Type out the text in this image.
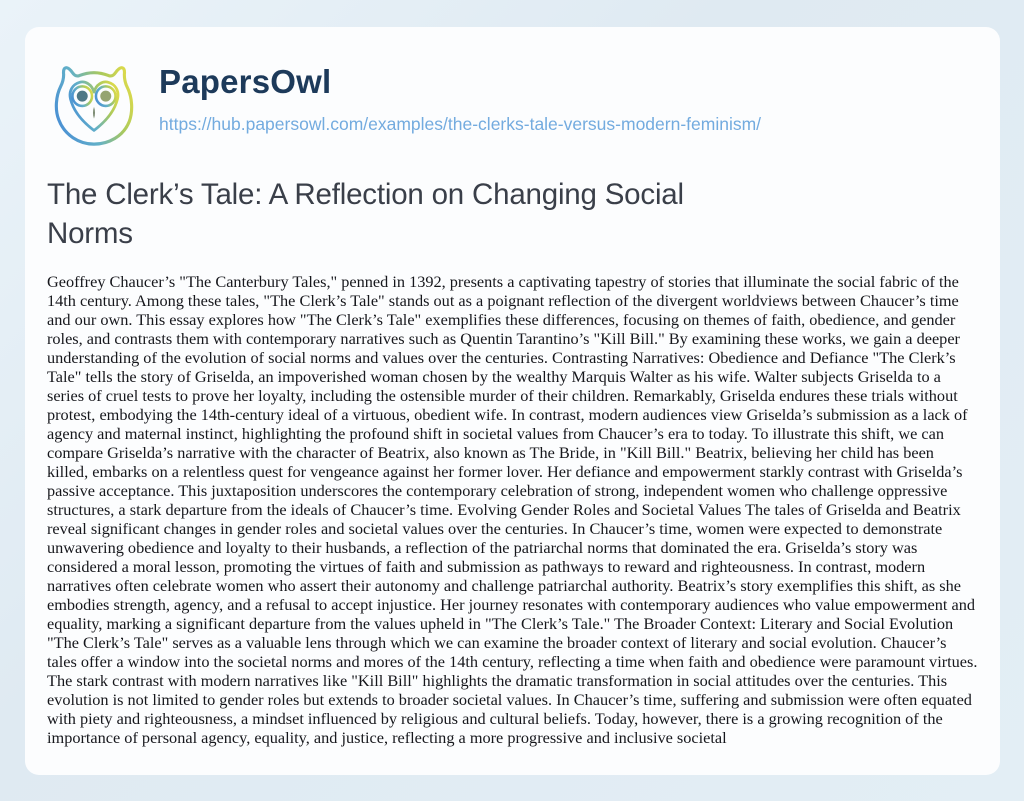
PapersOwl
https://hub.papersowl.com/examples/the-clerks-tale-versus-modern-feminism/
The Clerk’s Tale: A Reflection on Changing Social Norms

Geoffrey Chaucer’s "The Canterbury Tales," penned in 1392, presents a captivating tapestry of stories that illuminate the social fabric of the 14th century. Among these tales, "The Clerk’s Tale" stands out as a poignant reflection of the divergent worldviews between Chaucer’s time and our own. This essay explores how "The Clerk’s Tale" exemplifies these differences, focusing on themes of faith, obedience, and gender roles, and contrasts them with contemporary narratives such as Quentin Tarantino’s "Kill Bill." By examining these works, we gain a deeper understanding of the evolution of social norms and values over the centuries. Contrasting Narratives: Obedience and Defiance "The Clerk’s Tale" tells the story of Griselda, an impoverished woman chosen by the wealthy Marquis Walter as his wife. Walter subjects Griselda to a series of cruel tests to prove her loyalty, including the ostensible murder of their children. Remarkably, Griselda endures these trials without protest, embodying the 14th-century ideal of a virtuous, obedient wife. In contrast, modern audiences view Griselda’s submission as a lack of agency and maternal instinct, highlighting the profound shift in societal values from Chaucer’s era to today. To illustrate this shift, we can compare Griselda’s narrative with the character of Beatrix, also known as The Bride, in "Kill Bill." Beatrix, believing her child has been killed, embarks on a relentless quest for vengeance against her former lover. Her defiance and empowerment starkly contrast with Griselda’s passive acceptance. This juxtaposition underscores the contemporary celebration of strong, independent women who challenge oppressive structures, a stark departure from the ideals of Chaucer’s time. Evolving Gender Roles and Societal Values The tales of Griselda and Beatrix reveal significant changes in gender roles and societal values over the centuries. In Chaucer’s time, women were expected to demonstrate unwavering obedience and loyalty to their husbands, a reflection of the patriarchal norms that dominated the era. Griselda’s story was considered a moral lesson, promoting the virtues of faith and submission as pathways to reward and righteousness. In contrast, modern narratives often celebrate women who assert their autonomy and challenge patriarchal authority. Beatrix’s story exemplifies this shift, as she embodies strength, agency, and a refusal to accept injustice. Her journey resonates with contemporary audiences who value empowerment and equality, marking a significant departure from the values upheld in "The Clerk’s Tale." The Broader Context: Literary and Social Evolution "The Clerk’s Tale" serves as a valuable lens through which we can examine the broader context of literary and social evolution. Chaucer’s tales offer a window into the societal norms and mores of the 14th century, reflecting a time when faith and obedience were paramount virtues. The stark contrast with modern narratives like "Kill Bill" highlights the dramatic transformation in social attitudes over the centuries. This evolution is not limited to gender roles but extends to broader societal values. In Chaucer’s time, suffering and submission were often equated with piety and righteousness, a mindset influenced by religious and cultural beliefs. Today, however, there is a growing recognition of the importance of personal agency, equality, and justice, reflecting a more progressive and inclusive societal
